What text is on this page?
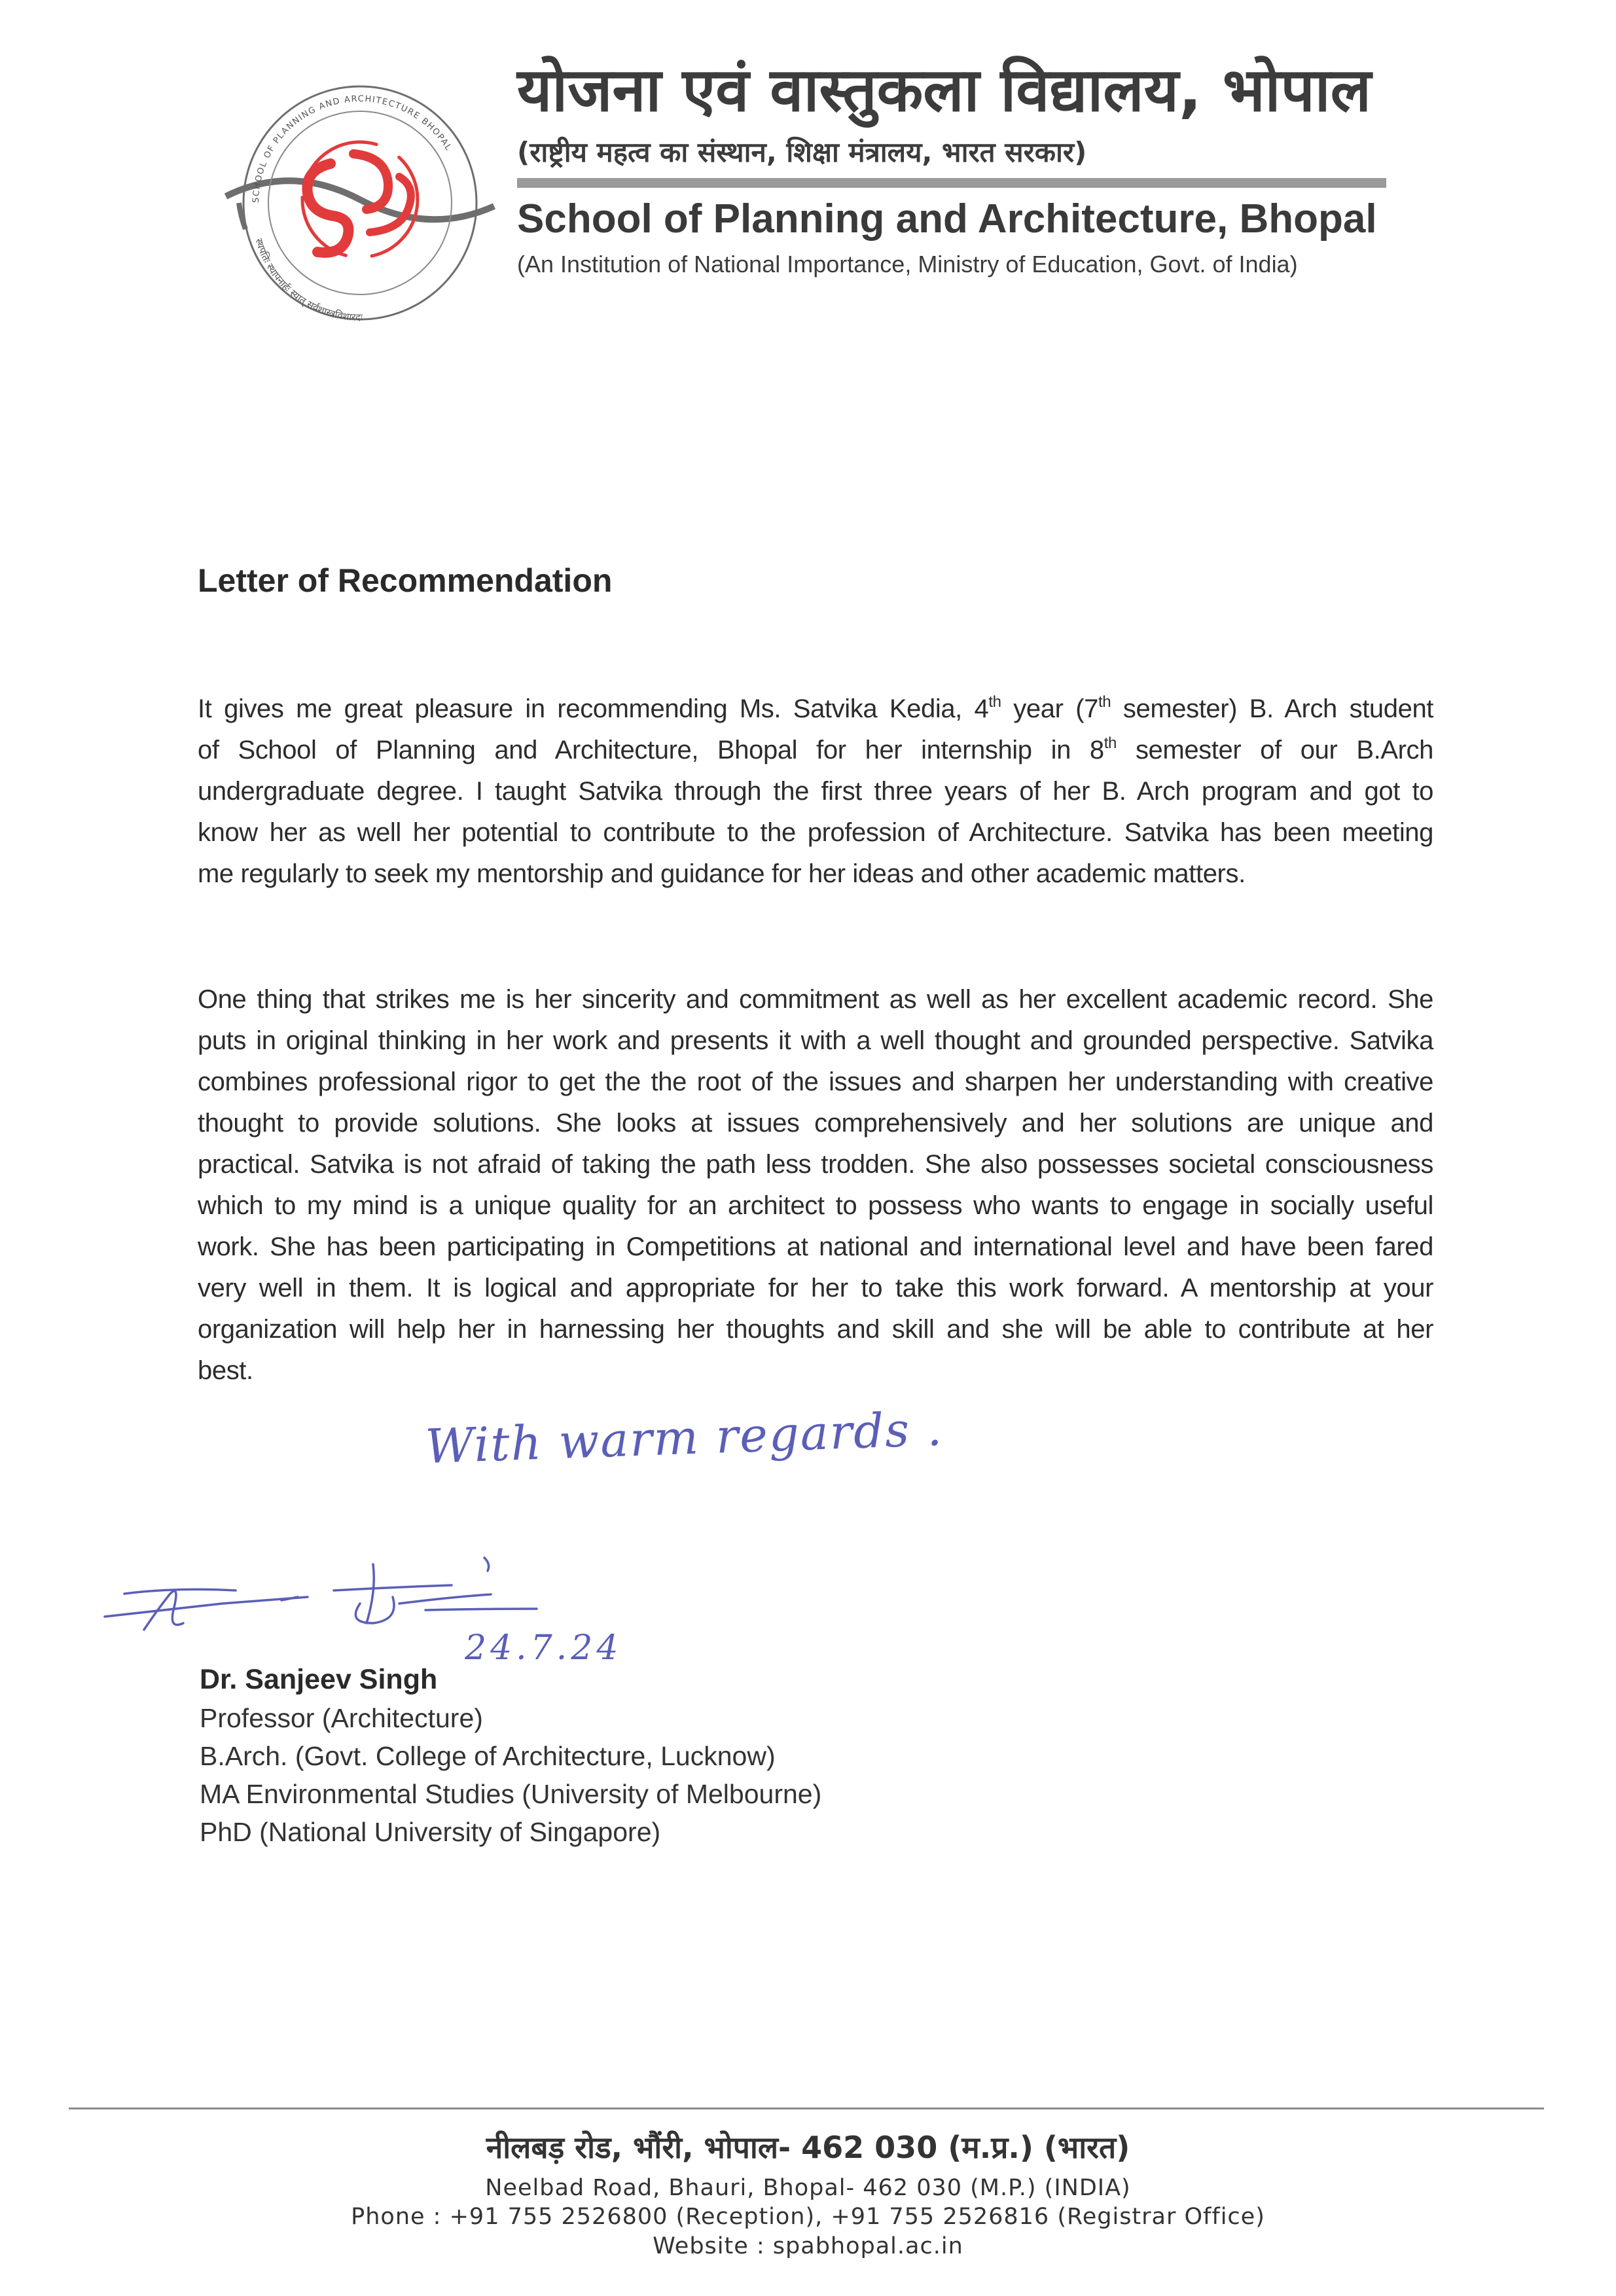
SCHOOL OF PLANNING AND ARCHITECTURE BHOPAL
स्थपतिः स्थापनार्हः स्यात् सर्वशास्त्रविशारदः
योजना एवं वास्तुकला विद्यालय, भोपाल
(राष्ट्रीय महत्व का संस्थान, शिक्षा मंत्रालय, भारत सरकार)
School of Planning and Architecture, Bhopal
(An Institution of National Importance, Ministry of Education, Govt. of India)
Letter of Recommendation
It gives me great pleasure in recommending Ms. Satvika Kedia, 4th year (7th semester) B. Arch student
of School of Planning and Architecture, Bhopal for her internship in 8th semester of our B.Arch
undergraduate degree. I taught Satvika through the first three years of her B. Arch program and got to
know her as well her potential to contribute to the profession of Architecture. Satvika has been meeting
me regularly to seek my mentorship and guidance for her ideas and other academic matters.
One thing that strikes me is her sincerity and commitment as well as her excellent academic record. She
puts in original thinking in her work and presents it with a well thought and grounded perspective. Satvika
combines professional rigor to get the the root of the issues and sharpen her understanding with creative
thought to provide solutions. She looks at issues comprehensively and her solutions are unique and
practical. Satvika is not afraid of taking the path less trodden. She also possesses societal consciousness
which to my mind is a unique quality for an architect to possess who wants to engage in socially useful
work. She has been participating in Competitions at national and international level and have been fared
very well in them. It is logical and appropriate for her to take this work forward. A mentorship at your
organization will help her in harnessing her thoughts and skill and she will be able to contribute at her
best.
With warm regards .
24.7.24
Dr. Sanjeev Singh
Professor (Architecture)
B.Arch. (Govt. College of Architecture, Lucknow)
MA Environmental Studies (University of Melbourne)
PhD (National University of Singapore)
नीलबड़ रोड, भौंरी, भोपाल- 462 030 (म.प्र.) (भारत)
Neelbad Road, Bhauri, Bhopal- 462 030 (M.P.) (INDIA)
Phone : +91 755 2526800 (Reception), +91 755 2526816 (Registrar Office)
Website : spabhopal.ac.in
